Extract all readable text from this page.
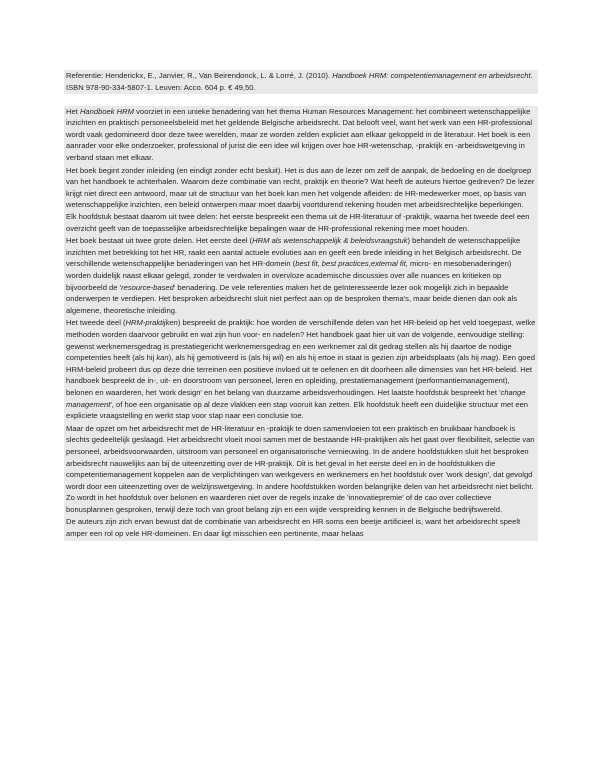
Referentie: Henderickx, E., Janvier, R., Van Beirendonck, L. & Lorré, J. (2010). Handboek HRM: competentiemanagement en arbeidsrecht. ISBN 978-90-334-5807-1. Leuven: Acco. 604 p. € 49,50.

Het Handboek HRM voorziet in een unieke benadering van het thema Human Resources Management: het combineert wetenschappelijke inzichten en praktisch personeelsbeleid met het geldende Belgische arbeidsrecht. Dat belooft veel, want het werk van een HR-professional wordt vaak gedomineerd door deze twee werelden, maar ze worden zelden expliciet aan elkaar gekoppeld in de literatuur. Het boek is een aanrader voor elke onderzoeker, professional of jurist die een idee wil krijgen over hoe HR-wetenschap, -praktijk en -arbeidswetgeving in verband staan met elkaar.

Het boek begint zonder inleiding (en eindigt zonder echt besluit). Het is dus aan de lezer om zelf de aanpak, de bedoeling en de doelgroep van het handboek te achterhalen. Waarom deze combinatie van recht, praktijk en theorie? Wat heeft de auteurs hiertoe gedreven? De lezer krijgt niet direct een antwoord, maar uit de structuur van het boek kan men het volgende afleiden: de HR-medewerker moet, op basis van wetenschappelijke inzichten, een beleid ontwerpen maar moet daarbij voortdurend rekening houden met arbeidsrechtelijke beperkingen. Elk hoofdstuk bestaat daarom uit twee delen: het eerste bespreekt een thema uit de HR-literatuur of -praktijk, waarna het tweede deel een overzicht geeft van de toepasselijke arbeidsrechtelijke bepalingen waar de HR-professional rekening mee moet houden.

Het boek bestaat uit twee grote delen. Het eerste deel (HRM als wetenschappelijk & beleidsvraagstuk) behandelt de wetenschappelijke inzichten met betrekking tot het HR, raakt een aantal actuele evoluties aan en geeft een brede inleiding in het Belgisch arbeidsrecht. De verschillende wetenschappelijke benaderingen van het HR-domein (best fit, best practices,external fit, micro- en mesobenaderingen) worden duidelijk naast elkaar gelegd, zonder te verdwalen in overvloze academische discussies over alle nuances en kritieken op bijvoorbeeld de 'resource-based' benadering. De vele referenties maken het de geïnteresseerde lezer ook mogelijk zich in bepaalde onderwerpen te verdiepen. Het besproken arbeidsrecht sluit niet perfect aan op de besproken thema's, maar beide dienen dan ook als algemene, theoretische inleiding.

Het tweede deel (HRM-praktijken) bespreekt de praktijk: hoe worden de verschillende delen van het HR-beleid op het veld toegepast, welke methoden worden daarvoor gebruikt en wat zijn hun voor- en nadelen? Het handboek gaat hier uit van de volgende, eenvoudige stelling: gewenst werknemersgedrag is prestatiegericht werknemersgedrag en een werknemer zal dit gedrag stellen als hij daartoe de nodige competenties heeft (als hij kan), als hij gemotiveerd is (als hij wil) en als hij ertoe in staat is gezien zijn arbeidsplaats (als hij mag). Een goed HRM-beleid probeert dus op deze drie terreinen een positieve invloed uit te oefenen en dit doorheen alle dimensies van het HR-beleid. Het handboek bespreekt de in-, uit- en doorstroom van personeel, leren en opleiding, prestatiemanagement (performantiemanagement), belonen en waarderen, het 'work design' en het belang van duurzame arbeidsverhoudingen. Het laatste hoofdstuk bespreekt het 'change management', of hoe een organisatie op al deze vlakken een stap vooruit kan zetten. Elk hoofdstuk heeft een duidelijke structuur met een expliciete vraagstelling en werkt stap voor stap naar een conclusie toe.

Maar de opzet om het arbeidsrecht met de HR-literatuur en -praktijk te doen samenvloeien tot een praktisch en bruikbaar handboek is slechts gedeeltelijk geslaagd. Het arbeidsrecht vloeit mooi samen met de bestaande HR-praktijken als het gaat over flexibiliteit, selectie van personeel, arbeidsvoorwaarden, uitstroom van personeel en organisatorische vernieuwing. In de andere hoofdstukken sluit het besproken arbeidsrecht nauwelijks aan bij de uiteenzetting over de HR-praktijk. Dit is het geval in het eerste deel en in de hoofdstukken die competentiemanagement koppelen aan de verplichtingen van werkgevers en werknemers en het hoofdstuk over 'work design', dat gevolgd wordt door een uiteenzetting over de welzijnswetgeving. In andere hoofdstukken worden belangrijke delen van het arbeidsrecht niet belicht. Zo wordt in het hoofdstuk over belonen en waarderen niet over de regels inzake de 'innovatiepremie' of de cao over collectieve bonusplannen gesproken, terwijl deze toch van groot belang zijn en een wijde verspreiding kennen in de Belgische bedrijfswereld.

De auteurs zijn zich ervan bewust dat de combinatie van arbeidsrecht en HR soms een beetje artificieel is, want het arbeidsrecht speelt amper een rol op vele HR-domeinen. En daar ligt misschien een pertinente, maar helaas
